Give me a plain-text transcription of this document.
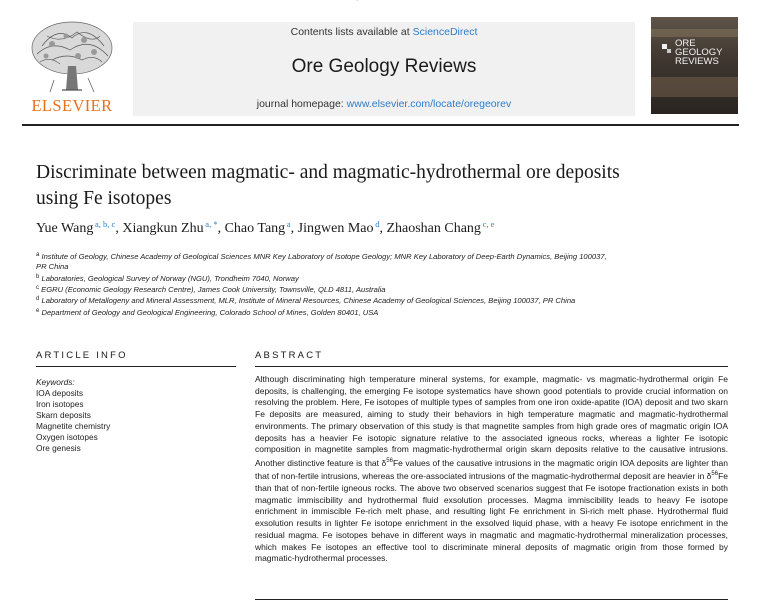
·
ELSEVIER
Contents lists available at ScienceDirect
Ore Geology Reviews
journal homepage: www.elsevier.com/locate/oregeorev
ORE
GEOLOGY
REVIEWS
Discriminate between magmatic- and magmatic-hydrothermal ore deposits
using Fe isotopes
Yue Wang  $^{a, b, c}$, Xiangkun Zhu  $^{a, *}$, Chao Tang  $^a$, Jingwen Mao  $^d$, Zhaoshan Chang  $^{c, e}$
$^a$ Institute of Geology, Chinese Academy of Geological Sciences MNR Key Laboratory of Isotope Geology; MNR Key Laboratory of Deep-Earth Dynamics, Beijing 100037,
PR China
$^b$ Laboratories, Geological Survey of Norway (NGU), Trondheim 7040, Norway
$^c$ EGRU (Economic Geology Research Centre), James Cook University, Townsville, QLD 4811, Australia
$^d$ Laboratory of Metallogeny and Mineral Assessment, MLR, Institute of Mineral Resources, Chinese Academy of Geological Sciences, Beijing 100037, PR China
$^e$ Department of Geology and Geological Engineering, Colorado School of Mines, Golden 80401, USA
ARTICLE INFO
Keywords:
IOA deposits
Iron isotopes
Skarn deposits
Magnetite chemistry
Oxygen isotopes
Ore genesis
ABSTRACT

Although discriminating high temperature mineral systems, for example, magmatic- vs magmatic-hydrothermal origin Fe deposits, is challenging, the emerging Fe isotope systematics have shown good potentials to provide crucial information on resolving the problem. Here, Fe isotopes of multiple types of samples from one iron oxide-apatite (IOA) deposit and two skarn Fe deposits are measured, aiming to study their behaviors in high temperature magmatic and magmatic-hydrothermal environments. The primary observation of this study is that magnetite samples from high grade ores of magmatic origin IOA deposits has a heavier Fe isotopic signature relative to the associated igneous rocks, whereas a lighter Fe isotopic composition in magnetite samples from magmatic-hydrothermal origin skarn deposits relative to the causative intrusions. Another distinctive feature is that $\delta^{56}Fe$ values of the causative intrusions in the magmatic origin IOA deposits are lighter than that of non-fertile intrusions, whereas the ore-associated intrusions of the magmatic-hydrothermal deposit are heavier in $\delta^{56}Fe$ than that of non-fertile igneous rocks. The above two observed scenarios suggest that Fe isotope fractionation exists in both magmatic immiscibility and hydrothermal fluid exsolution processes. Magma immiscibility leads to heavy Fe isotope enrichment in immiscible Fe-rich melt phase, and resulting light Fe enrichment in Si-rich melt phase. Hydrothermal fluid exsolution results in lighter Fe isotope enrichment in the exsolved liquid phase, with a heavy Fe isotope enrichment in the residual magma. Fe isotopes behave in different ways in magmatic and magmatic-hydrothermal mineralization processes, which makes Fe isotopes an effective tool to discriminate mineral deposits of magmatic origin from those formed by magmatic-hydrothermal processes.
